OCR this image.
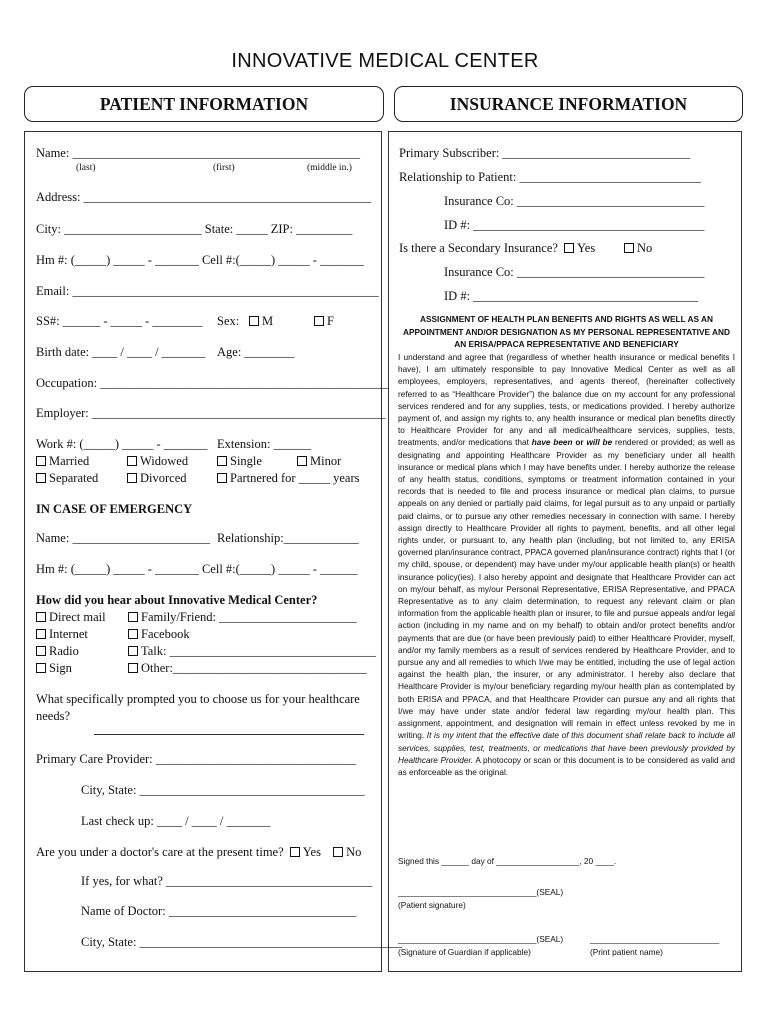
INNOVATIVE MEDICAL CENTER
PATIENT INFORMATION	INSURANCE INFORMATION
Name: ______________________________________________
(last)	(first)	(middle in.)
Address: ______________________________________________
City: ______________________ State: _____ ZIP: _________
Hm #: (_____) _____ - _______ Cell #:(_____) _____ - _______
Email: _________________________________________________
SS#: ______ - _____ - ________ Sex:	M	F
Birth date: ____ / ____ / _______ Age: ________
Occupation: ______________________________________________
Employer: _______________________________________________
Work #: (_____) _____ - _______ Extension: ______
Married	Widowed	Single	Minor
Separated	Divorced	Partnered for _____ years
IN CASE OF EMERGENCY
Name: ______________________ Relationship:____________
Hm #: (_____) _____ - _______ Cell #:(_____) _____ - ______
How did you hear about Innovative Medical Center?
Direct mail	Family/Friend: ______________________
Internet	Facebook
Radio	Talk: _________________________________
Sign	Other:_______________________________
What specifically prompted you to choose us for your healthcare
needs?
Primary Care Provider: ________________________________
City, State: ____________________________________
Last check up: ____ / ____ / _______
Are you under a doctor's care at the present time? Yes No
If yes, for what? _________________________________
Name of Doctor: ______________________________
City, State: __________________________________________
Primary Subscriber: ______________________________
Relationship to Patient: _____________________________
Insurance Co: ______________________________
ID #: _____________________________________
Is there a Secondary Insurance?	Yes	No
Insurance Co: ______________________________
ID #: ____________________________________
ASSIGNMENT OF HEALTH PLAN BENEFITS AND RIGHTS AS WELL AS AN APPOINTMENT AND/OR DESIGNATION AS MY PERSONAL REPRESENTATIVE AND AN ERISA/PPACA REPRESENTATIVE AND BENEFICIARY
I understand and agree that (regardless of whether health insurance or medical benefits I have), I am ultimately responsible to pay Innovative Medical Center as well as all employees, employers, representatives, and agents thereof, (hereinafter collectively referred to as “Healthcare Provider”) the balance due on my account for any professional services rendered and for any supplies, tests, or medications provided. I hereby authorize payment of, and assign my rights to, any health insurance or medical plan benefits directly to Healthcare Provider for any and all medical/healthcare services, supplies, tests, treatments, and/or medications that have been or will be rendered or provided; as well as designating and appointing Healthcare Provider as my beneficiary under all health insurance or medical plans which I may have benefits under. I hereby authorize the release of any health status, conditions, symptoms or treatment information contained in your records that is needed to file and process insurance or medical plan claims, to pursue appeals on any denied or partially paid claims, for legal pursuit as to any unpaid or partially paid claims, or to pursue any other remedies necessary in connection with same. I hereby assign directly to Healthcare Provider all rights to payment, benefits, and all other legal rights under, or pursuant to, any health plan (including, but not limited to, any ERISA governed plan/insurance contract, PPACA governed plan/insurance contract) rights that I (or my child, spouse, or dependent) may have under my/our applicable health plan(s) or health insurance policy(ies). I also hereby appoint and designate that Healthcare Provider can act on my/our behalf, as my/our Personal Representative, ERISA Representative, and PPACA Representative as to any claim determination, to request any relevant claim or plan information from the applicable health plan or insurer, to file and pursue appeals and/or legal action (including in my name and on my behalf) to obtain and/or protect benefits and/or payments that are due (or have been previously paid) to either Healthcare Provider, myself, and/or my family members as a result of services rendered by Healthcare Provider, and to pursue any and all remedies to which I/we may be entitled, including the use of legal action against the health plan, the insurer, or any administrator. I hereby also declare that Healthcare Provider is my/our beneficiary regarding my/our health plan as contemplated by both ERISA and PPACA, and that Healthcare Provider can pursue any and all rights that I/we may have under state and/or federal law regarding my/our health plan. This assignment, appointment, and designation will remain in effect unless revoked by me in writing. It is my intent that the effective date of this document shall relate back to include all services, supplies, test, treatments, or medications that have been previously provided by Healthcare Provider. A photocopy or scan or this document is to be considered as valid and as enforceable as the original.
Signed this ______ day of __________________, 20 ____.
______________________________(SEAL)
(Patient signature)
______________________________(SEAL)
(Signature of Guardian if applicable)
____________________________
(Print patient name)
